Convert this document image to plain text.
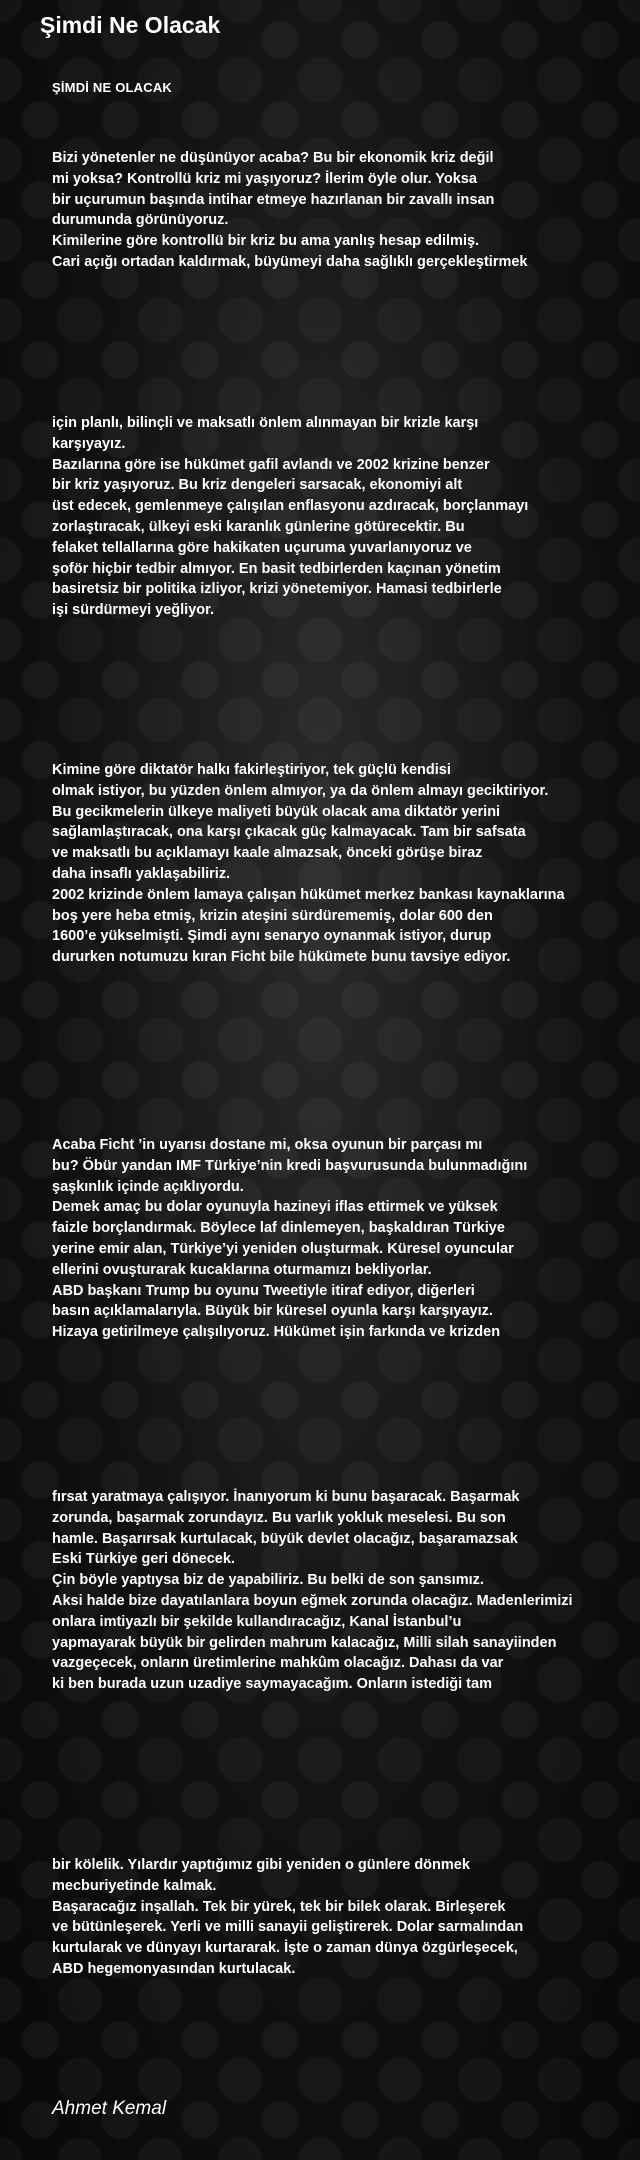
Şimdi Ne Olacak
ŞİMDİ NE OLACAK
Bizi yönetenler ne düşünüyor acaba? Bu bir ekonomik kriz değil
mi yoksa? Kontrollü kriz mi yaşıyoruz? İlerim öyle olur. Yoksa
bir uçurumun başında intihar etmeye hazırlanan bir zavallı insan
durumunda görünüyoruz.
Kimilerine göre kontrollü bir kriz bu ama yanlış hesap edilmiş.
Cari açığı ortadan kaldırmak, büyümeyi daha sağlıklı gerçekleştirmek
için planlı, bilinçli ve maksatlı önlem alınmayan bir krizle karşı
karşıyayız.
Bazılarına göre ise hükümet gafil avlandı ve 2002 krizine benzer
bir kriz yaşıyoruz. Bu kriz dengeleri sarsacak, ekonomiyi alt
üst edecek, gemlenmeye çalışılan enflasyonu azdıracak, borçlanmayı
zorlaştıracak, ülkeyi eski karanlık günlerine götürecektir. Bu
felaket tellallarına göre hakikaten uçuruma yuvarlanıyoruz ve
şoför hiçbir tedbir almıyor. En basit tedbirlerden kaçınan yönetim
basiretsiz bir politika izliyor, krizi yönetemiyor. Hamasi tedbirlerle
işi sürdürmeyi yeğliyor.
Kimine göre diktatör halkı fakirleştiriyor, tek güçlü kendisi
olmak istiyor, bu yüzden önlem almıyor, ya da önlem almayı geciktiriyor.
Bu gecikmelerin ülkeye maliyeti büyük olacak ama diktatör yerini
sağlamlaştıracak, ona karşı çıkacak güç kalmayacak. Tam bir safsata
ve maksatlı bu açıklamayı kaale almazsak, önceki görüşe biraz
daha insaflı yaklaşabiliriz.
2002 krizinde önlem lamaya çalışan hükümet merkez bankası kaynaklarına
boş yere heba etmiş, krizin ateşini sürdürememiş, dolar 600 den
1600’e yükselmişti. Şimdi aynı senaryo oynanmak istiyor, durup
dururken notumuzu kıran Ficht bile hükümete bunu tavsiye ediyor.
Acaba Ficht ’in uyarısı dostane mi, oksa oyunun bir parçası mı
bu? Öbür yandan IMF Türkiye’nin kredi başvurusunda bulunmadığını
şaşkınlık içinde açıklıyordu.
Demek amaç bu dolar oyunuyla hazineyi iflas ettirmek ve yüksek
faizle borçlandırmak. Böylece laf dinlemeyen, başkaldıran Türkiye
yerine emir alan, Türkiye’yi yeniden oluşturmak. Küresel oyuncular
ellerini ovuşturarak kucaklarına oturmamızı bekliyorlar.
ABD başkanı Trump bu oyunu Tweetiyle itiraf ediyor, diğerleri
basın açıklamalarıyla. Büyük bir küresel oyunla karşı karşıyayız.
Hizaya getirilmeye çalışılıyoruz. Hükümet işin farkında ve krizden
fırsat yaratmaya çalışıyor. İnanıyorum ki bunu başaracak. Başarmak
zorunda, başarmak zorundayız. Bu varlık yokluk meselesi. Bu son
hamle. Başarırsak kurtulacak, büyük devlet olacağız, başaramazsak
Eski Türkiye geri dönecek.
Çin böyle yaptıysa biz de yapabiliriz. Bu belki de son şansımız.
Aksi halde bize dayatılanlara boyun eğmek zorunda olacağız. Madenlerimizi
onlara imtiyazlı bir şekilde kullandıracağız, Kanal İstanbul’u
yapmayarak büyük bir gelirden mahrum kalacağız, Milli silah sanayiinden
vazgeçecek, onların üretimlerine mahkûm olacağız. Dahası da var
ki ben burada uzun uzadiye saymayacağım. Onların istediği tam
bir kölelik. Yılardır yaptığımız gibi yeniden o günlere dönmek
mecburiyetinde kalmak.
Başaracağız inşallah. Tek bir yürek, tek bir bilek olarak. Birleşerek
ve bütünleşerek. Yerli ve milli sanayii geliştirerek. Dolar sarmalından
kurtularak ve dünyayı kurtararak. İşte o zaman dünya özgürleşecek,
ABD hegemonyasından kurtulacak.
Ahmet Kemal
